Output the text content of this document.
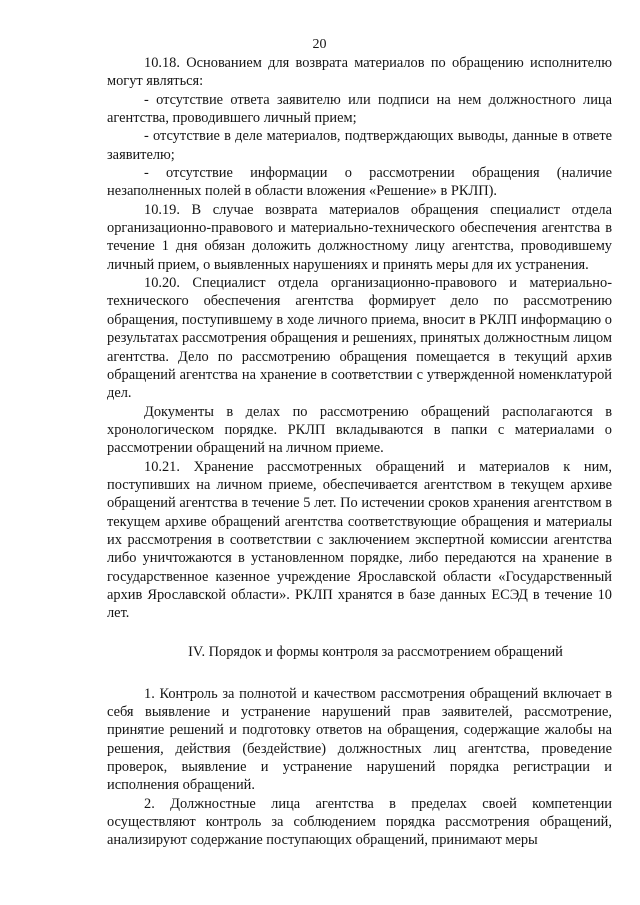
20

10.18. Основанием для возврата материалов по обращению исполнителю могут являться:

- отсутствие ответа заявителю или подписи на нем должностного лица агентства, проводившего личный прием;

- отсутствие в деле материалов, подтверждающих выводы, данные в ответе заявителю;

- отсутствие информации о рассмотрении обращения (наличие незаполненных полей в области вложения «Решение» в РКЛП).

10.19. В случае возврата материалов обращения специалист отдела организационно-правового и материально-технического обеспечения агентства в течение 1 дня обязан доложить должностному лицу агентства, проводившему личный прием, о выявленных нарушениях и принять меры для их устранения.

10.20. Специалист отдела организационно-правового и материально-технического обеспечения агентства формирует дело по рассмотрению обращения, поступившему в ходе личного приема, вносит в РКЛП информацию о результатах рассмотрения обращения и решениях, принятых должностным лицом агентства. Дело по рассмотрению обращения помещается в текущий архив обращений агентства на хранение в соответствии с утвержденной номенклатурой дел.

Документы в делах по рассмотрению обращений располагаются в хронологическом порядке. РКЛП вкладываются в папки с материалами о рассмотрении обращений на личном приеме.

10.21. Хранение рассмотренных обращений и материалов к ним, поступивших на личном приеме, обеспечивается агентством в текущем архиве обращений агентства в течение 5 лет. По истечении сроков хранения агентством в текущем архиве обращений агентства соответствующие обращения и материалы их рассмотрения в соответствии с заключением экспертной комиссии агентства либо уничтожаются в установленном порядке, либо передаются на хранение в государственное казенное учреждение Ярославской области «Государственный архив Ярославской области». РКЛП хранятся в базе данных ЕСЭД в течение 10 лет.

IV. Порядок и формы контроля за рассмотрением обращений

1. Контроль за полнотой и качеством рассмотрения обращений включает в себя выявление и устранение нарушений прав заявителей, рассмотрение, принятие решений и подготовку ответов на обращения, содержащие жалобы на решения, действия (бездействие) должностных лиц агентства, проведение проверок, выявление и устранение нарушений порядка регистрации и исполнения обращений.

2. Должностные лица агентства в пределах своей компетенции осуществляют контроль за соблюдением порядка рассмотрения обращений, анализируют содержание поступающих обращений, принимают меры
